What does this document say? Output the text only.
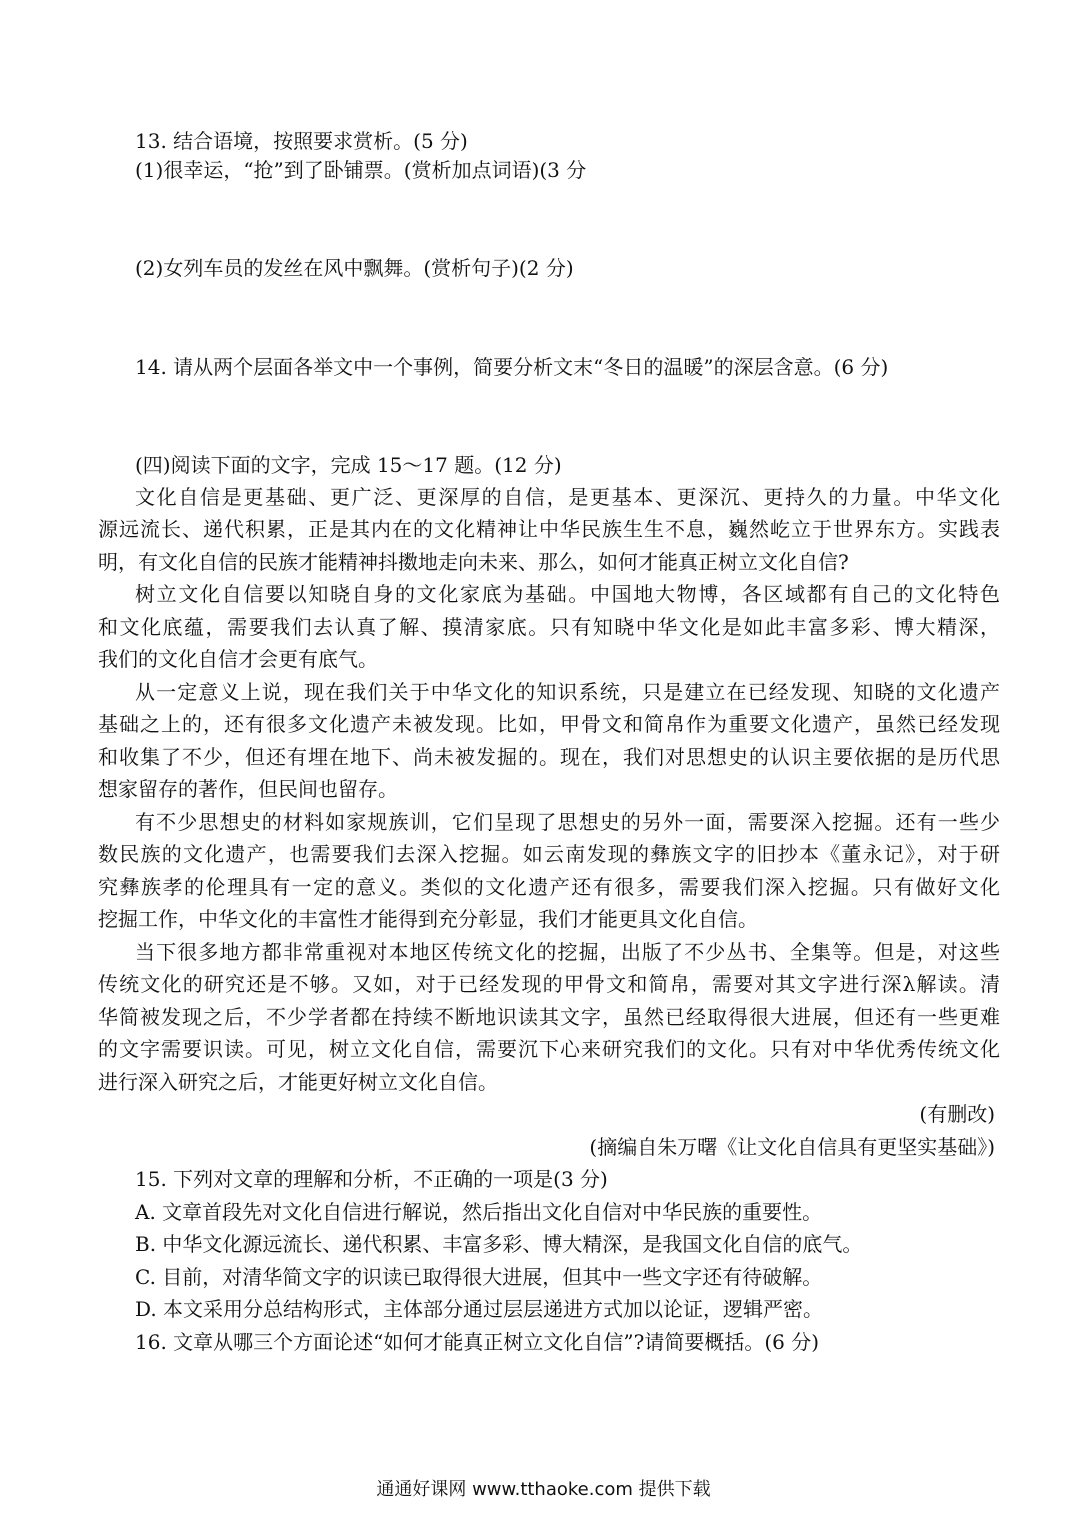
13. 结合语境，按照要求赏析。(5 分)
(1)很幸运，“抢”到了卧铺票。(赏析加点词语)(3 分
(2)女列车员的发丝在风中飘舞。(赏析句子)(2 分)
14. 请从两个层面各举文中一个事例，简要分析文末“冬日的温暖”的深层含意。(6 分)
(四)阅读下面的文字，完成 15～17 题。(12 分)
文化自信是更基础、更广泛、更深厚的自信，是更基本、更深沉、更持久的力量。中华文化
源远流长、递代积累，正是其内在的文化精神让中华民族生生不息，巍然屹立于世界东方。实践表
明，有文化自信的民族才能精神抖擞地走向未来、那么，如何才能真正树立文化自信?
树立文化自信要以知晓自身的文化家底为基础。中国地大物博，各区域都有自己的文化特色
和文化底蕴，需要我们去认真了解、摸清家底。只有知晓中华文化是如此丰富多彩、博大精深，
我们的文化自信才会更有底气。
从一定意义上说，现在我们关于中华文化的知识系统，只是建立在已经发现、知晓的文化遗产
基础之上的，还有很多文化遗产未被发现。比如，甲骨文和简帛作为重要文化遗产，虽然已经发现
和收集了不少，但还有埋在地下、尚未被发掘的。现在，我们对思想史的认识主要依据的是历代思
想家留存的著作，但民间也留存。
有不少思想史的材料如家规族训，它们呈现了思想史的另外一面，需要深入挖掘。还有一些少
数民族的文化遗产，也需要我们去深入挖掘。如云南发现的彝族文字的旧抄本《董永记》，对于研
究彝族孝的伦理具有一定的意义。类似的文化遗产还有很多，需要我们深入挖掘。只有做好文化
挖掘工作，中华文化的丰富性才能得到充分彰显，我们才能更具文化自信。
当下很多地方都非常重视对本地区传统文化的挖掘，出版了不少丛书、全集等。但是，对这些
传统文化的研究还是不够。又如，对于已经发现的甲骨文和简帛，需要对其文字进行深λ解读。清
华简被发现之后，不少学者都在持续不断地识读其文字，虽然已经取得很大进展，但还有一些更难
的文字需要识读。可见，树立文化自信，需要沉下心来研究我们的文化。只有对中华优秀传统文化
进行深入研究之后，才能更好树立文化自信。
(有删改)
(摘编自朱万曙《让文化自信具有更坚实基础》)
15. 下列对文章的理解和分析，不正确的一项是(3 分)
A. 文章首段先对文化自信进行解说，然后指出文化自信对中华民族的重要性。
B. 中华文化源远流长、递代积累、丰富多彩、博大精深，是我国文化自信的底气。
C. 目前，对清华简文字的识读已取得很大进展，但其中一些文字还有待破解。
D. 本文采用分总结构形式，主体部分通过层层递进方式加以论证，逻辑严密。
16. 文章从哪三个方面论述“如何才能真正树立文化自信”?请简要概括。(6 分)
通通好课网 www.tthaoke.com 提供下载
